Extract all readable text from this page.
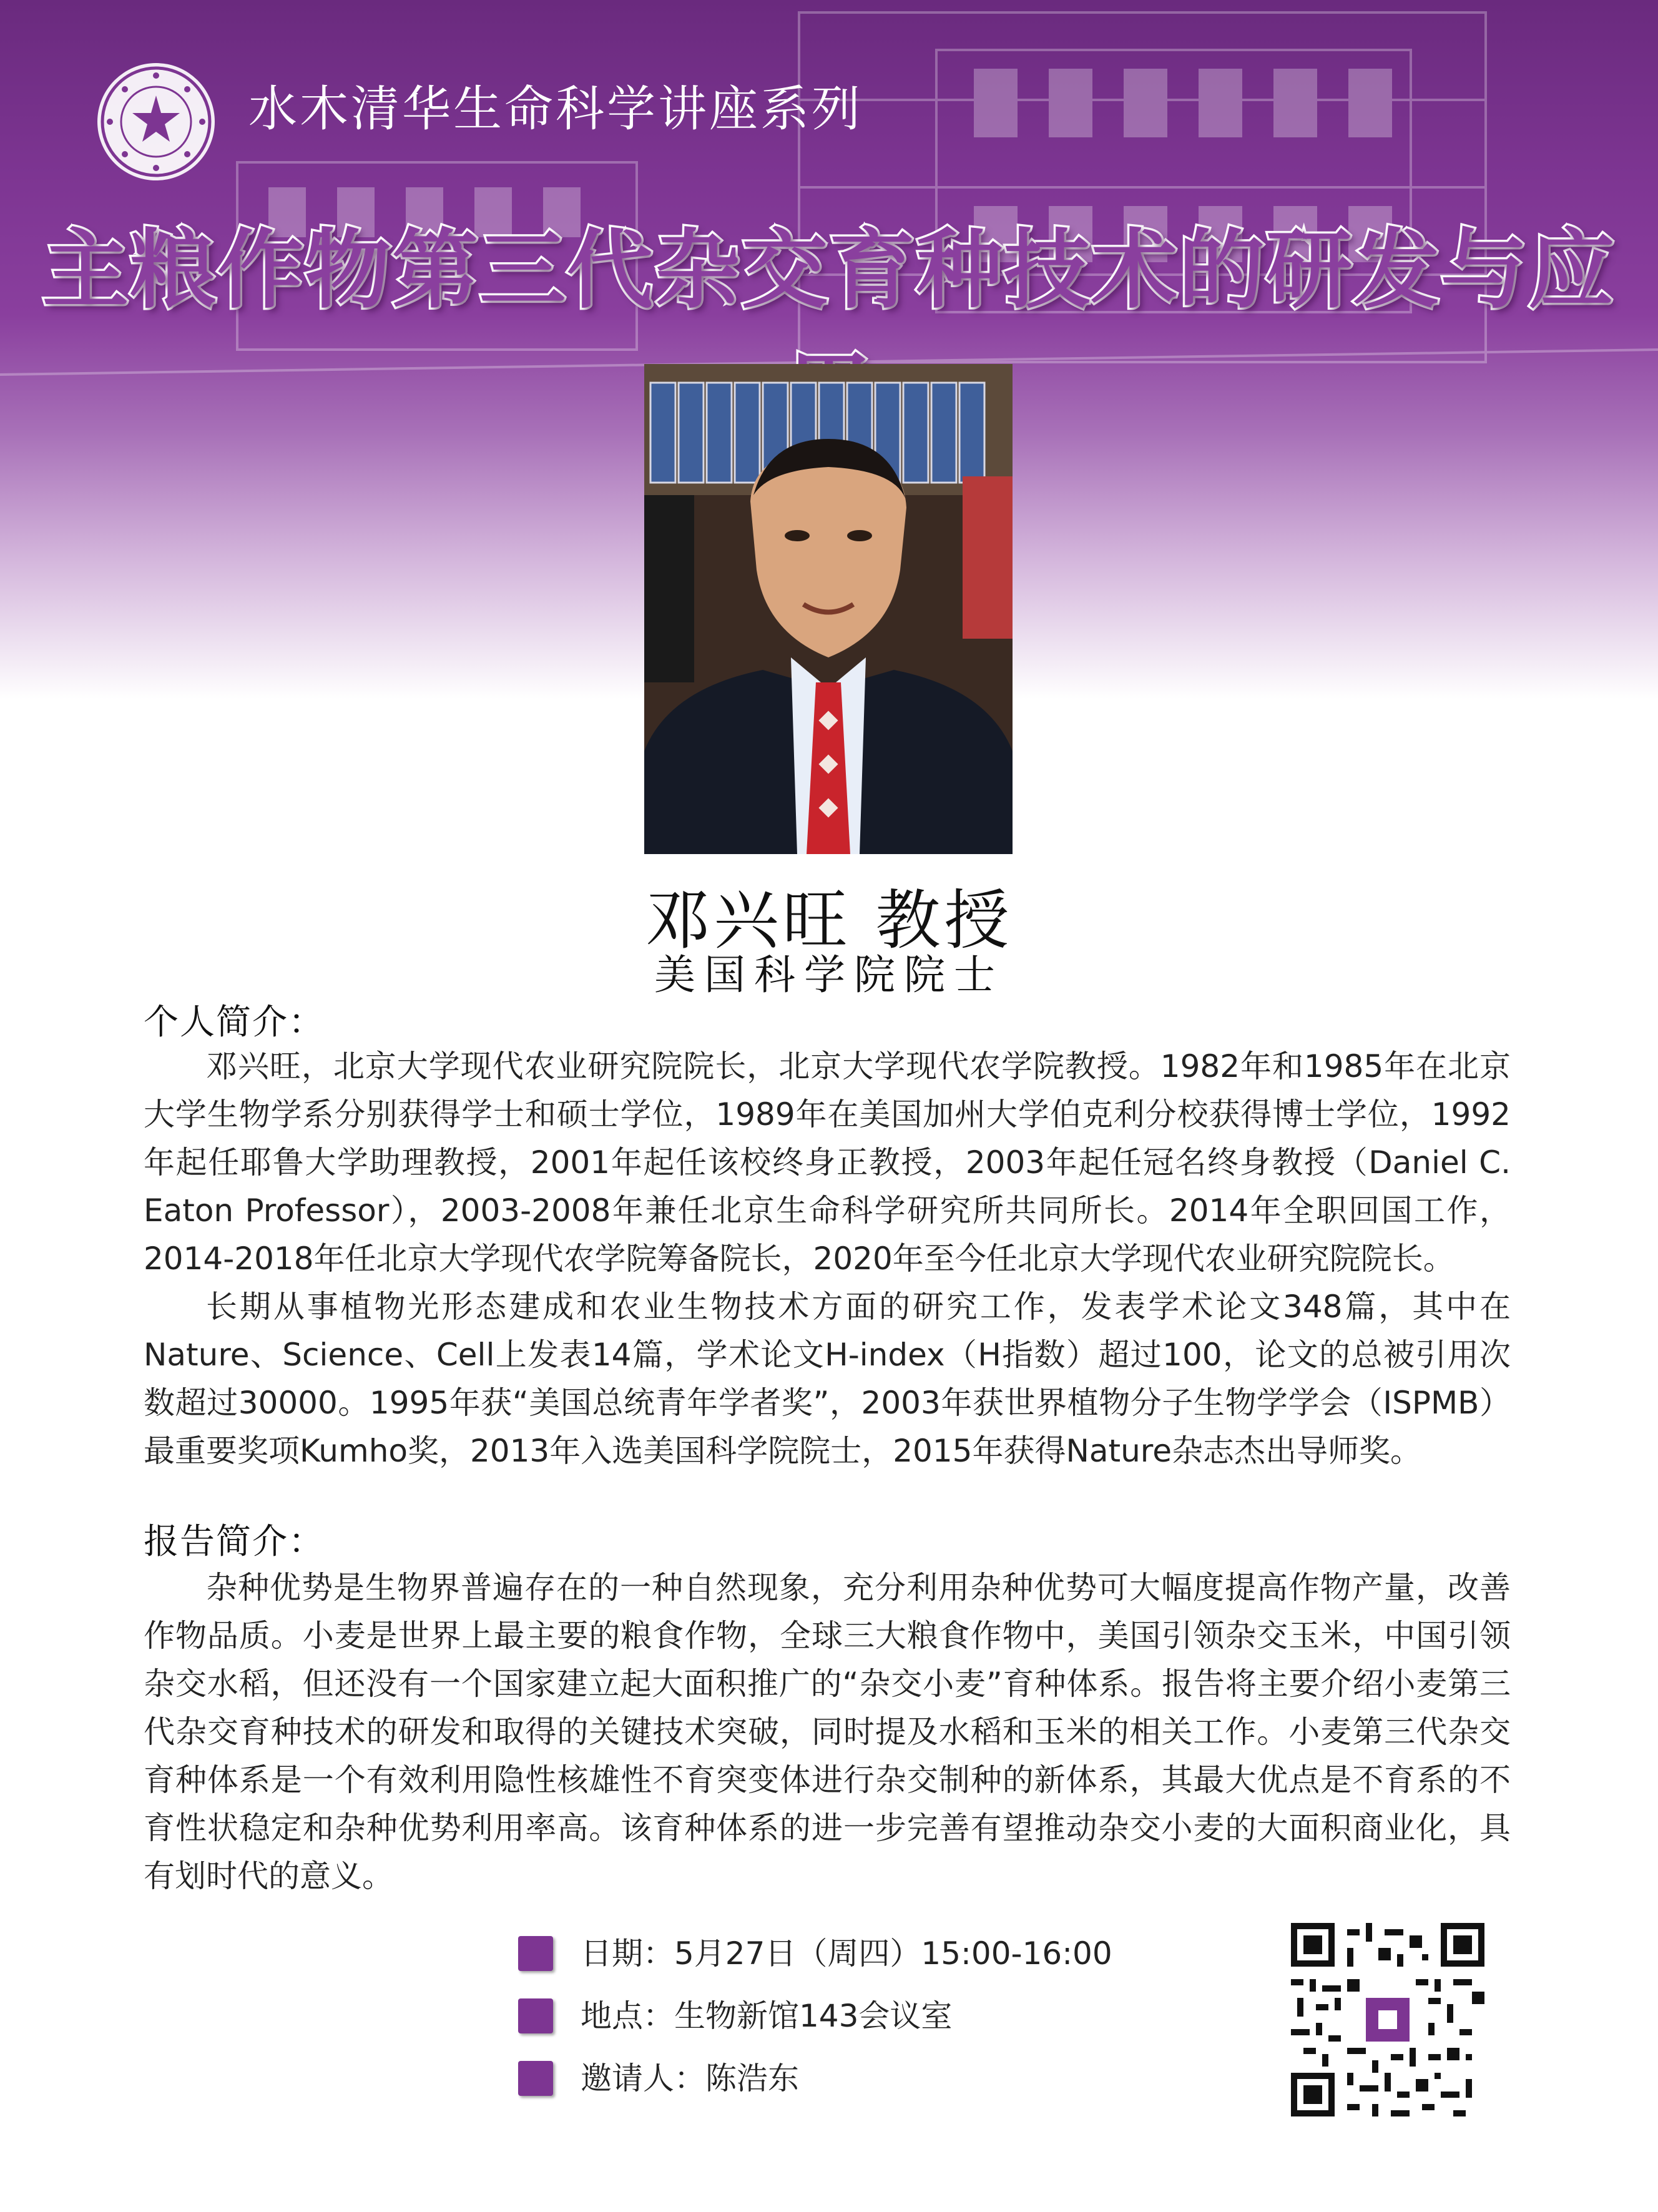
水木清华生命科学讲座系列
主粮作物第三代杂交育种技术的研发与应
邓兴旺 教授
美国科学院院士
个人简介：

邓兴旺，北京大学现代农业研究院院长，北京大学现代农学院教授。1982年和1985年在北京大学生物学系分别获得学士和硕士学位，1989年在美国加州大学伯克利分校获得博士学位，1992年起任耶鲁大学助理教授，2001年起任该校终身正教授，2003年起任冠名终身教授（Daniel C. Eaton Professor），2003-2008年兼任北京生命科学研究所共同所长。2014年全职回国工作，2014-2018年任北京大学现代农学院筹备院长，2020年至今任北京大学现代农业研究院院长。

长期从事植物光形态建成和农业生物技术方面的研究工作，发表学术论文348篇，其中在Nature、Science、Cell上发表14篇，学术论文H-index（H指数）超过100，论文的总被引用次数超过30000。1995年获“美国总统青年学者奖”，2003年获世界植物分子生物学学会（ISPMB）最重要奖项Kumho奖，2013年入选美国科学院院士，2015年获得Nature杂志杰出导师奖。

报告简介：

杂种优势是生物界普遍存在的一种自然现象，充分利用杂种优势可大幅度提高作物产量，改善作物品质。小麦是世界上最主要的粮食作物，全球三大粮食作物中，美国引领杂交玉米，中国引领杂交水稻，但还没有一个国家建立起大面积推广的“杂交小麦”育种体系。报告将主要介绍小麦第三代杂交育种技术的研发和取得的关键技术突破，同时提及水稻和玉米的相关工作。小麦第三代杂交育种体系是一个有效利用隐性核雄性不育突变体进行杂交制种的新体系，其最大优点是不育系的不育性状稳定和杂种优势利用率高。该育种体系的进一步完善有望推动杂交小麦的大面积商业化，具有划时代的意义。

日期：5月27日（周四）15:00-16:00
地点：生物新馆143会议室
邀请人：陈浩东
